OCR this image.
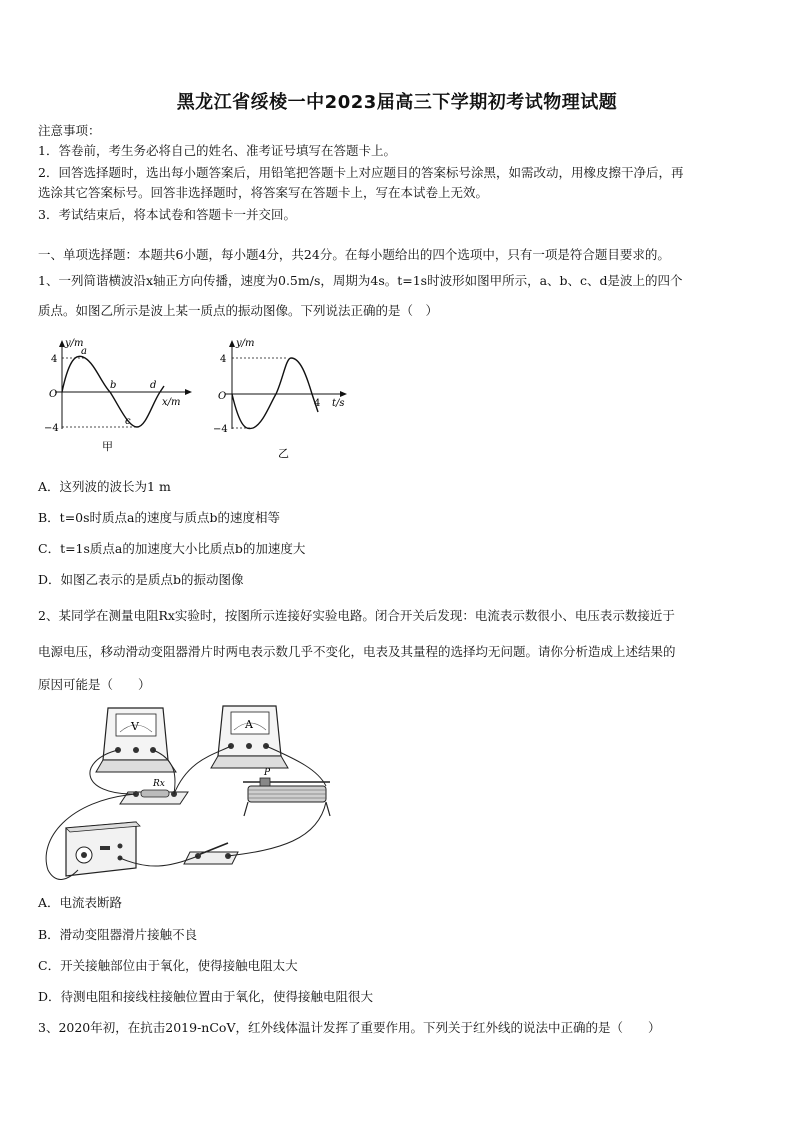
黑龙江省绥棱一中2023届高三下学期初考试物理试题
注意事项：
1．答卷前，考生务必将自己的姓名、准考证号填写在答题卡上。
2．回答选择题时，选出每小题答案后，用铅笔把答题卡上对应题目的答案标号涂黑，如需改动，用橡皮擦干净后，再
选涂其它答案标号。回答非选择题时，将答案写在答题卡上，写在本试卷上无效。
3．考试结束后，将本试卷和答题卡一并交回。
一、单项选择题：本题共6小题，每小题4分，共24分。在每小题给出的四个选项中，只有一项是符合题目要求的。
1、一列简谐横波沿x轴正方向传播，速度为0.5m/s，周期为4s。t=1s时波形如图甲所示，a、b、c、d是波上的四个
质点。如图乙所示是波上某一质点的振动图像。下列说法正确的是（　）
y/m
4
O
−4
x/m
a
b
c
d
甲
y/m
4
O
−4
4 t/s
乙
A．这列波的波长为1 m
B．t=0s时质点a的速度与质点b的速度相等
C．t=1s质点a的加速度大小比质点b的加速度大
D．如图乙表示的是质点b的振动图像
2、某同学在测量电阻Rx实验时，按图所示连接好实验电路。闭合开关后发现：电流表示数很小、电压表示数接近于
电源电压，移动滑动变阻器滑片时两电表示数几乎不变化，电表及其量程的选择均无问题。请你分析造成上述结果的
原因可能是（　　）
V	A
Rx
P
A．电流表断路
B．滑动变阻器滑片接触不良
C．开关接触部位由于氧化，使得接触电阻太大
D．待测电阻和接线柱接触位置由于氧化，使得接触电阻很大
3、2020年初，在抗击2019-nCoV，红外线体温计发挥了重要作用。下列关于红外线的说法中正确的是（　　）
